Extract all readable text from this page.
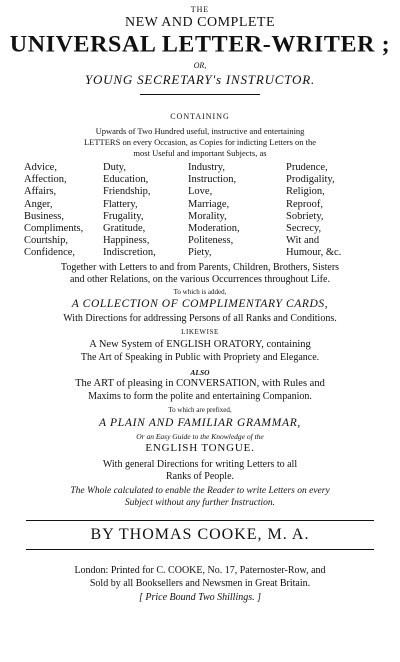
THE
NEW AND COMPLETE
UNIVERSAL LETTER-WRITER ;
OR,
YOUNG SECRETARY's INSTRUCTOR.
CONTAINING
Upwards of Two Hundred useful, instructive and entertaining
LETTERS on every Occasion, as Copies for indicting Letters on the
most Useful and important Subjects, as
Advice,
Affection,
Affairs,
Anger,
Business,
Compliments,
Courtship,
Confidence,
Duty,
Education,
Friendship,
Flattery,
Frugality,
Gratitude,
Happiness,
Indiscretion,
Industry,
Instruction,
Love,
Marriage,
Morality,
Moderation,
Politeness,
Piety,
Prudence,
Prodigality,
Religion,
Reproof,
Sobriety,
Secrecy,
Wit and
Humour, &c.
Together with Letters to and from Parents, Children, Brothers, Sisters
and other Relations, on the various Occurrences throughout Life.
To which is added,
A COLLECTION OF COMPLIMENTARY CARDS,
With Directions for addressing Persons of all Ranks and Conditions.
LIKEWISE
A New System of ENGLISH ORATORY, containing
The Art of Speaking in Public with Propriety and Elegance.
ALSO
The ART of pleasing in CONVERSATION, with Rules and
Maxims to form the polite and entertaining Companion.
To which are prefixed,
A PLAIN AND FAMILIAR GRAMMAR,
Or an Easy Guide to the Knowledge of the
ENGLISH TONGUE.
With general Directions for writing Letters to all
Ranks of People.
The Whole calculated to enable the Reader to write Letters on every
Subject without any further Instruction.
BY THOMAS COOKE, M. A.
London: Printed for C. COOKE, No. 17, Paternoster-Row, and
Sold by all Booksellers and Newsmen in Great Britain.
[ Price Bound Two Shillings. ]
